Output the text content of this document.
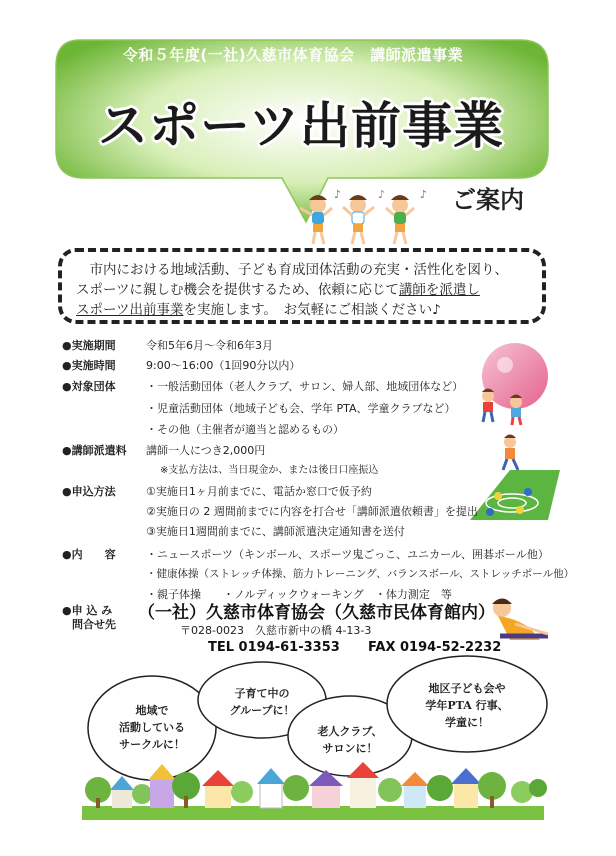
♪	♪	♪
令和５年度(一社)久慈市体育協会　講師派遣事業
スポーツ出前事業
ご案内
市内における地域活動、子ども育成団体活動の充実・活性化を図り、
スポーツに親しむ機会を提供するため、依頼に応じて講師を派遣し
スポーツ出前事業を実施します。　お気軽にご相談ください♪
●実施期間	令和5年6月～令和6年3月
●実施時間	9:00～16:00（1回90分以内）
●対象団体	・一般活動団体（老人クラブ、サロン、婦人部、地域団体など）
・児童活動団体（地域子ども会、学年 PTA、学童クラブなど）
・その他（主催者が適当と認めるもの）
●講師派遣料 講師一人につき2,000円
※支払方法は、当日現金か、または後日口座振込
●申込方法	①実施日1ヶ月前までに、電話か窓口で仮予約
②実施日の 2 週間前までに内容を打合せ「講師派遣依頼書」を提出
③実施日1週間前までに、講師派遣決定通知書を送付
●内　　容	・ニュースポーツ（キンボール、スポーツ鬼ごっこ、ユニカール、囲碁ボール他）
・健康体操（ストレッチ体操、筋力トレーニング、バランスボール、ストレッチポール他）
・親子体操　　・ノルディックウォーキング　・体力測定　等
●申 込 み
問合せ先
（一社）久慈市体育協会（久慈市民体育館内）
〒028-0023　久慈市新中の橋 4-13-3
TEL 0194-61-3353 FAX 0194-52-2232
地域で
活動している
サークルに！
子育て中の
グループに！
老人クラブ、
サロンに！
地区子ども会や
学年PTA 行事、
学童に！
